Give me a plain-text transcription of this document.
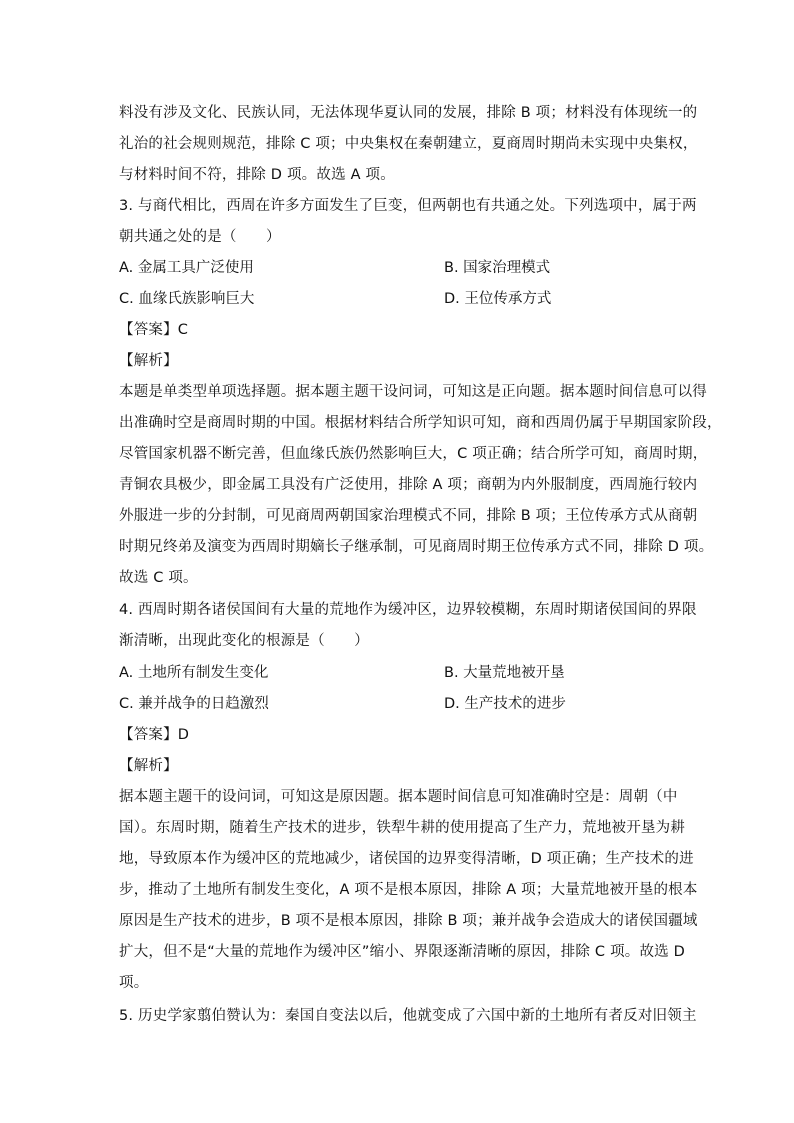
料没有涉及文化、民族认同，无法体现华夏认同的发展，排除 B 项；材料没有体现统一的
礼治的社会规则规范，排除 C 项；中央集权在秦朝建立，夏商周时期尚未实现中央集权，
与材料时间不符，排除 D 项。故选 A 项。
3. 与商代相比，西周在许多方面发生了巨变，但两朝也有共通之处。下列选项中，属于两
朝共通之处的是（　　）
A. 金属工具广泛使用	B. 国家治理模式
C. 血缘氏族影响巨大	D. 王位传承方式
【答案】C
【解析】
本题是单类型单项选择题。据本题主题干设问词，可知这是正向题。据本题时间信息可以得
出准确时空是商周时期的中国。根据材料结合所学知识可知，商和西周仍属于早期国家阶段，
尽管国家机器不断完善，但血缘氏族仍然影响巨大，C 项正确；结合所学可知，商周时期，
青铜农具极少，即金属工具没有广泛使用，排除 A 项；商朝为内外服制度，西周施行较内
外服进一步的分封制，可见商周两朝国家治理模式不同，排除 B 项；王位传承方式从商朝
时期兄终弟及演变为西周时期嫡长子继承制，可见商周时期王位传承方式不同，排除 D 项。
故选 C 项。
4. 西周时期各诸侯国间有大量的荒地作为缓冲区，边界较模糊，东周时期诸侯国间的界限
渐清晰，出现此变化的根源是（　　）
A. 土地所有制发生变化	B. 大量荒地被开垦
C. 兼并战争的日趋激烈	D. 生产技术的进步
【答案】D
【解析】
据本题主题干的设问词，可知这是原因题。据本题时间信息可知准确时空是：周朝（中
国）。东周时期，随着生产技术的进步，铁犁牛耕的使用提高了生产力，荒地被开垦为耕
地，导致原本作为缓冲区的荒地减少，诸侯国的边界变得清晰，D 项正确；生产技术的进
步，推动了土地所有制发生变化，A 项不是根本原因，排除 A 项；大量荒地被开垦的根本
原因是生产技术的进步，B 项不是根本原因，排除 B 项；兼并战争会造成大的诸侯国疆域
扩大，但不是“大量的荒地作为缓冲区”缩小、界限逐渐清晰的原因，排除 C 项。故选 D
项。
5. 历史学家翦伯赞认为：秦国自变法以后，他就变成了六国中新的土地所有者反对旧领主
